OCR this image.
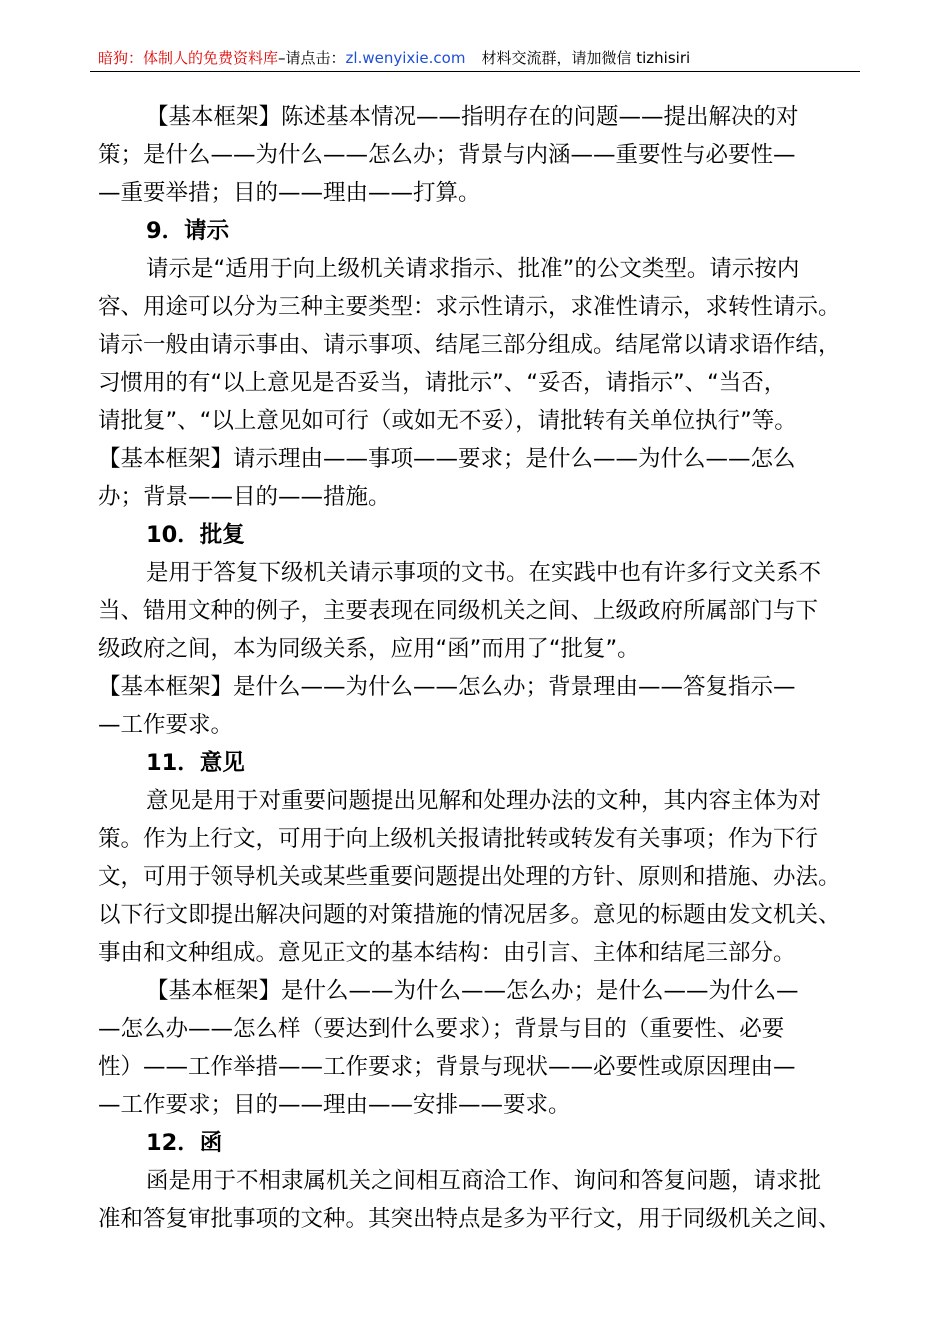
暗狗：体制人的免费资料库–请点击：zl.wenyixie.com 材料交流群，请加微信 tizhisiri
【基本框架】陈述基本情况——指明存在的问题——提出解决的对
策；是什么——为什么——怎么办；背景与内涵——重要性与必要性—
—重要举措；目的——理由——打算。
9．请示
请示是“适用于向上级机关请求指示、批准”的公文类型。请示按内
容、用途可以分为三种主要类型：求示性请示，求准性请示，求转性请示。
请示一般由请示事由、请示事项、结尾三部分组成。结尾常以请求语作结，
习惯用的有“以上意见是否妥当，请批示”、“妥否，请指示”、“当否，
请批复”、“以上意见如可行（或如无不妥），请批转有关单位执行”等。
【基本框架】请示理由——事项——要求；是什么——为什么——怎么
办；背景——目的——措施。
10．批复
是用于答复下级机关请示事项的文书。在实践中也有许多行文关系不
当、错用文种的例子，主要表现在同级机关之间、上级政府所属部门与下
级政府之间，本为同级关系，应用“函”而用了“批复”。
【基本框架】是什么——为什么——怎么办；背景理由——答复指示—
—工作要求。
11．意见
意见是用于对重要问题提出见解和处理办法的文种，其内容主体为对
策。作为上行文，可用于向上级机关报请批转或转发有关事项；作为下行
文，可用于领导机关或某些重要问题提出处理的方针、原则和措施、办法。
以下行文即提出解决问题的对策措施的情况居多。意见的标题由发文机关、
事由和文种组成。意见正文的基本结构：由引言、主体和结尾三部分。
【基本框架】是什么——为什么——怎么办；是什么——为什么—
—怎么办——怎么样（要达到什么要求）；背景与目的（重要性、必要
性）——工作举措——工作要求；背景与现状——必要性或原因理由—
—工作要求；目的——理由——安排——要求。
12．函
函是用于不相隶属机关之间相互商洽工作、询问和答复问题，请求批
准和答复审批事项的文种。其突出特点是多为平行文，用于同级机关之间、
